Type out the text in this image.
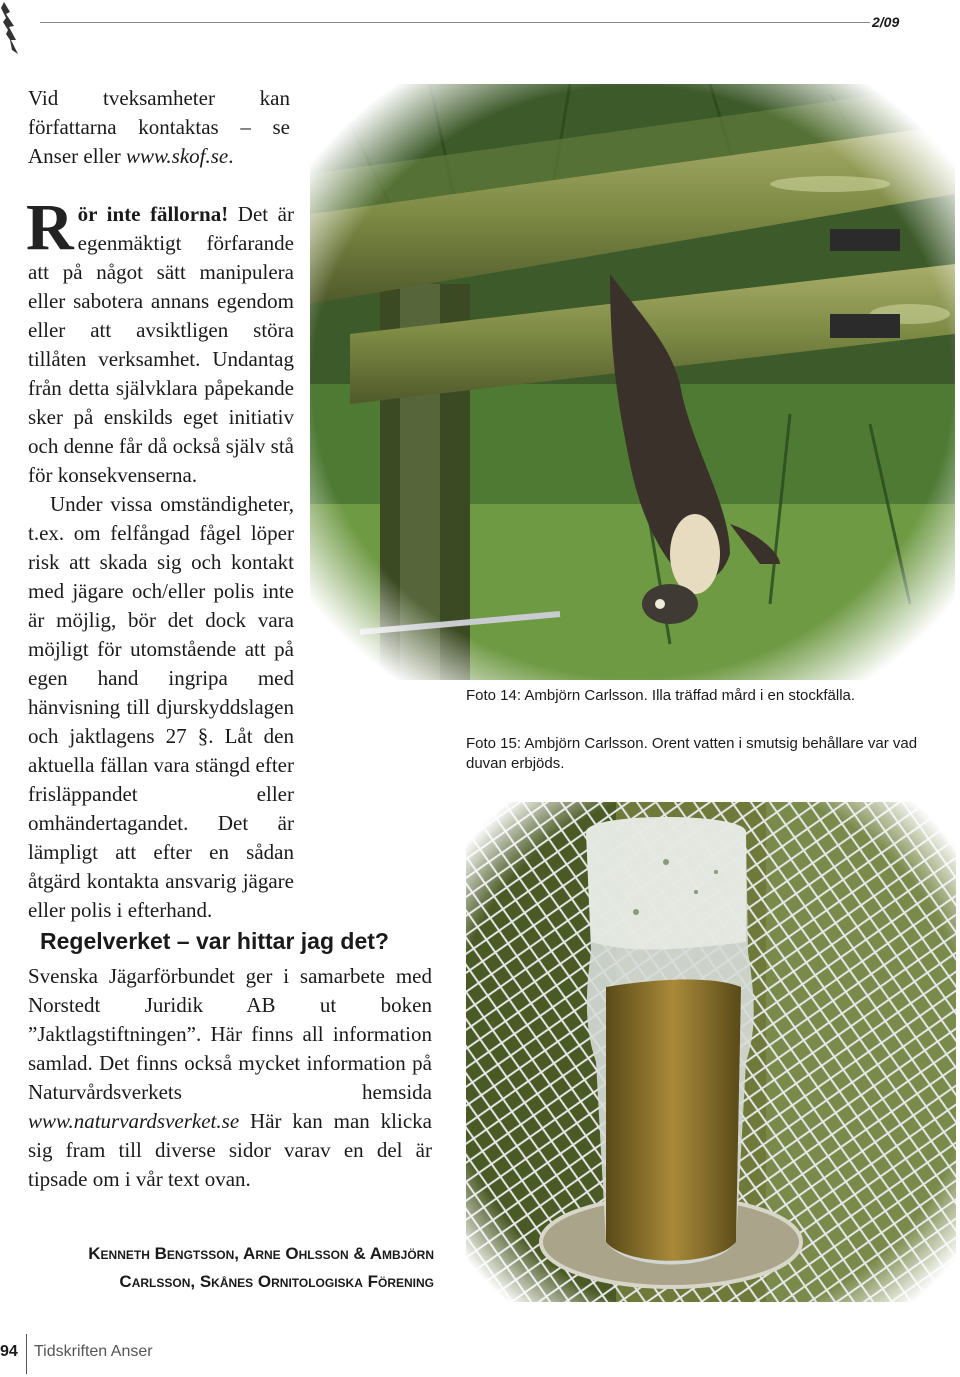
2/09

Vid tveksamheter kan författarna kontaktas – se Anser eller www.skof.se.

R ör inte fällorna! Det är egenmäktigt förfarande att på något sätt manipulera eller sabotera annans egendom eller att avsiktligen störa tillåten verksamhet. Undantag från detta självklara påpekande sker på enskilds eget initiativ och denne får då också själv stå för konsekvenserna.
Under vissa omständigheter, t.ex. om felfångad fågel löper risk att skada sig och kontakt med jägare och/eller polis inte är möjlig, bör det dock vara möjligt för utomstående att på egen hand ingripa med hänvisning till djurskyddslagen och jaktlagens 27 §. Låt den aktuella fällan vara stängd efter frisläppandet eller omhändertagandet. Det är lämpligt att efter en sådan åtgärd kontakta ansvarig jägare eller polis i efterhand.
Foto 14: Ambjörn Carlsson. Illa träffad mård i en stockfälla.
Foto 15: Ambjörn Carlsson. Orent vatten i smutsig behållare var vad duvan erbjöds.
Regelverket – var hittar jag det?

Svenska Jägarförbundet ger i samarbete med Norstedt Juridik AB ut boken ”Jaktlagstiftningen”. Här finns all information samlad. Det finns också mycket information på Naturvårdsverkets hemsida www.naturvardsverket.se Här kan man klicka sig fram till diverse sidor varav en del är tipsade om i vår text ovan.

Kenneth Bengtsson, Arne Ohlsson & Ambjörn
Carlsson, Skånes Ornitologiska Förening
94 Tidskriften Anser
